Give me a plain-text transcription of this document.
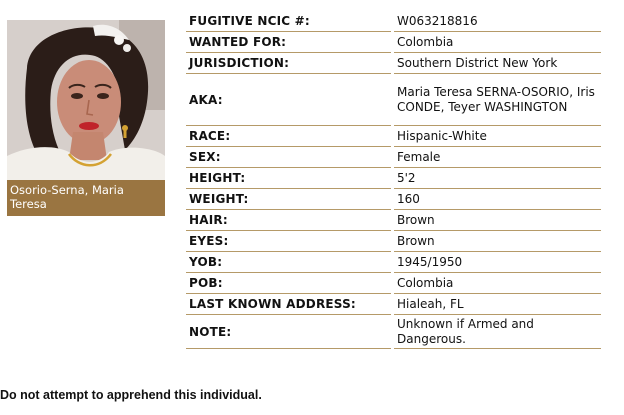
Osorio-Serna, Maria Teresa
FUGITIVE NCIC #:	W063218816
WANTED FOR:	Colombia
JURISDICTION:	Southern District New York
AKA:
Maria Teresa SERNA-OSORIO, Iris CONDE, Teyer WASHINGTON
RACE:	Hispanic-White
SEX:	Female
HEIGHT:	5'2
WEIGHT:	160
HAIR:	Brown
EYES:	Brown
YOB:	1945/1950
POB:	Colombia
LAST KNOWN ADDRESS:	Hialeah, FL
NOTE:
Unknown if Armed and Dangerous.
Do not attempt to apprehend this individual.
